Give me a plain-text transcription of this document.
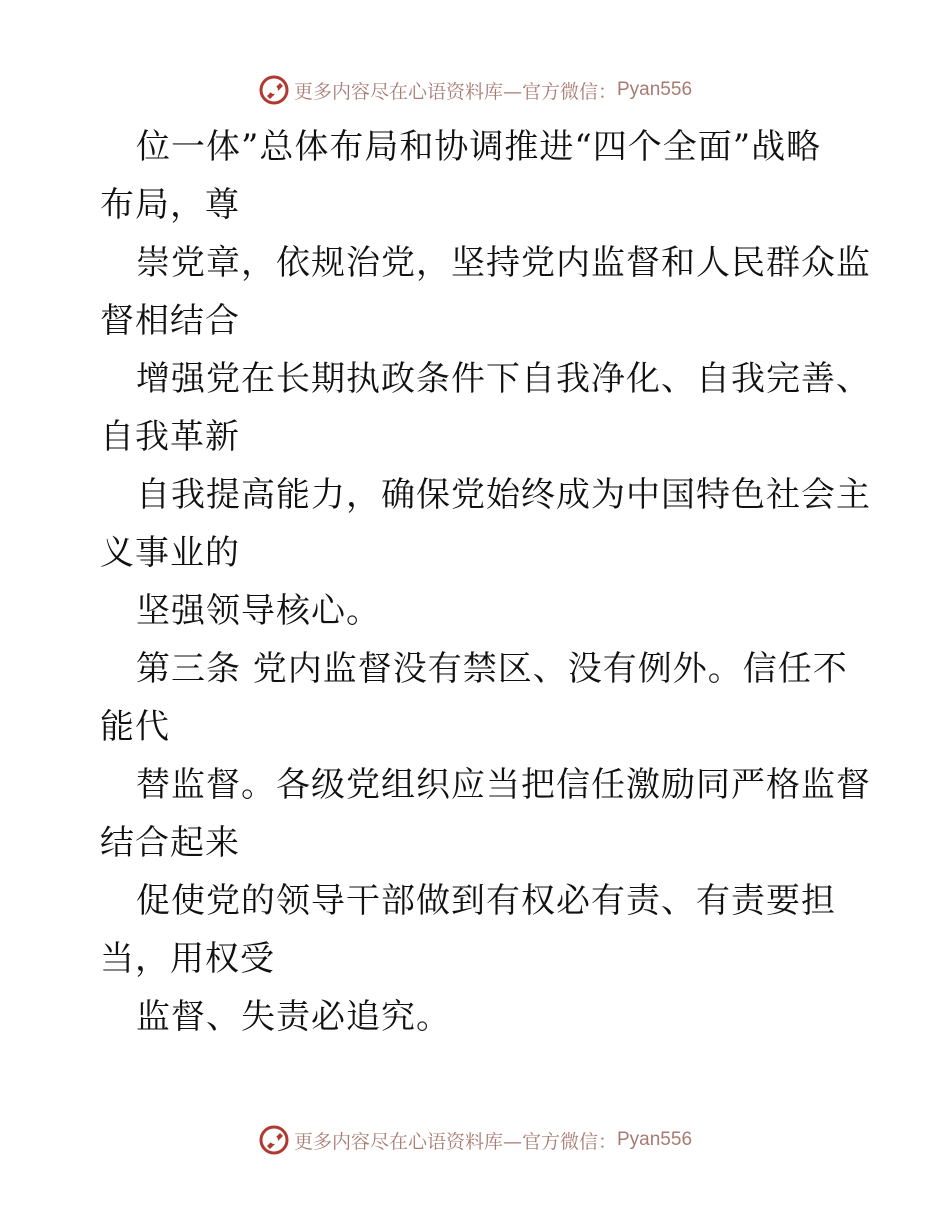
更多内容尽在心语资料库—官方微信： Pyan556
位一体”总体布局和协调推进“四个全面”战略
布局，尊
崇党章，依规治党，坚持党内监督和人民群众监
督相结合
增强党在长期执政条件下自我净化、自我完善、
自我革新
自我提高能力，确保党始终成为中国特色社会主
义事业的
坚强领导核心。
第三条 党内监督没有禁区、没有例外。信任不
能代
替监督。各级党组织应当把信任激励同严格监督
结合起来
促使党的领导干部做到有权必有责、有责要担
当，用权受
监督、失责必追究。
更多内容尽在心语资料库—官方微信： Pyan556
